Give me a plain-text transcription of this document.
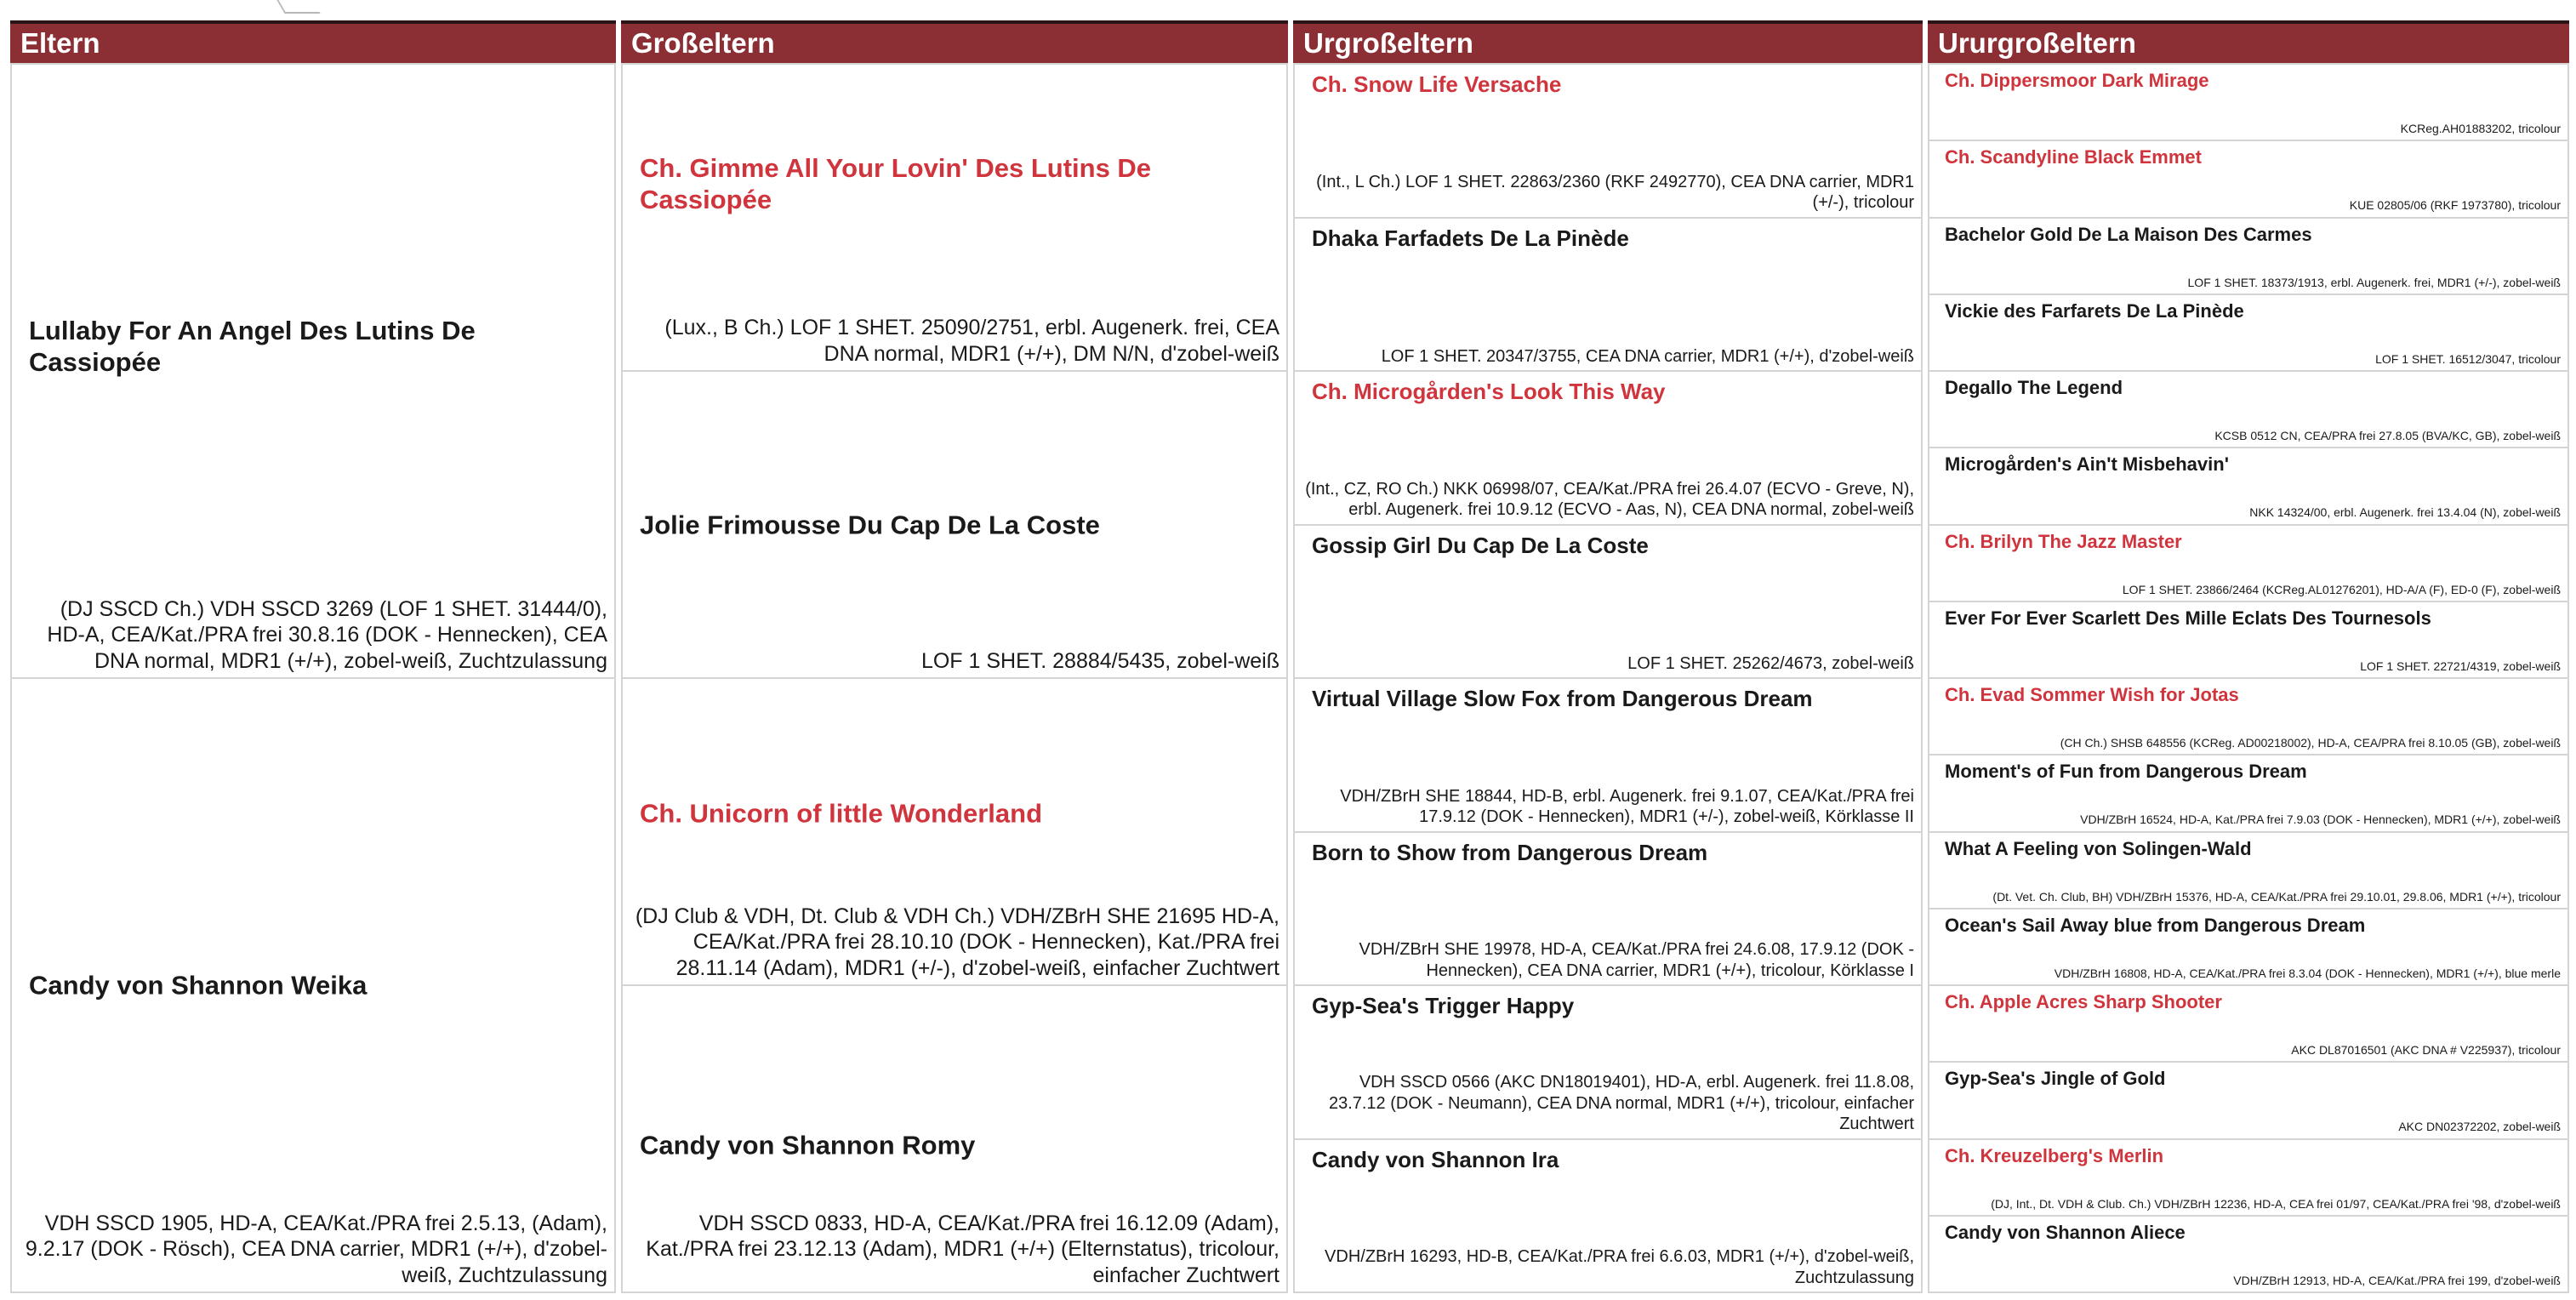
Eltern
Lullaby For An Angel Des Lutins De Cassiopée
(DJ SSCD Ch.) VDH SSCD 3269 (LOF 1 SHET. 31444/0), HD-A, CEA/Kat./PRA frei 30.8.16 (DOK - Hennecken), CEA DNA normal, MDR1 (+/+), zobel-weiß, Zuchtzulassung
Candy von Shannon Weika
VDH SSCD 1905, HD-A, CEA/Kat./PRA frei 2.5.13, (Adam), 9.2.17 (DOK - Rösch), CEA DNA carrier, MDR1 (+/+), d'zobel-weiß, Zuchtzulassung
Großeltern
Ch. Gimme All Your Lovin' Des Lutins De Cassiopée
(Lux., B Ch.) LOF 1 SHET. 25090/2751, erbl. Augenerk. frei, CEA DNA normal, MDR1 (+/+), DM N/N, d'zobel-weiß
Jolie Frimousse Du Cap De La Coste
LOF 1 SHET. 28884/5435, zobel-weiß
Ch. Unicorn of little Wonderland
(DJ Club & VDH, Dt. Club & VDH Ch.) VDH/ZBrH SHE 21695 HD-A, CEA/Kat./PRA frei 28.10.10 (DOK - Hennecken), Kat./PRA frei 28.11.14 (Adam), MDR1 (+/-), d'zobel-weiß, einfacher Zuchtwert
Candy von Shannon Romy
VDH SSCD 0833, HD-A, CEA/Kat./PRA frei 16.12.09 (Adam), Kat./PRA frei 23.12.13 (Adam), MDR1 (+/+) (Elternstatus), tricolour, einfacher Zuchtwert
Urgroßeltern
Ch. Snow Life Versache
(Int., L Ch.) LOF 1 SHET. 22863/2360 (RKF 2492770), CEA DNA carrier, MDR1 (+/-), tricolour
Dhaka Farfadets De La Pinède
LOF 1 SHET. 20347/3755, CEA DNA carrier, MDR1 (+/+), d'zobel-weiß
Ch. Microgården's Look This Way
(Int., CZ, RO Ch.) NKK 06998/07, CEA/Kat./PRA frei 26.4.07 (ECVO - Greve, N), erbl. Augenerk. frei 10.9.12 (ECVO - Aas, N), CEA DNA normal, zobel-weiß
Gossip Girl Du Cap De La Coste
LOF 1 SHET. 25262/4673, zobel-weiß
Virtual Village Slow Fox from Dangerous Dream
VDH/ZBrH SHE 18844, HD-B, erbl. Augenerk. frei 9.1.07, CEA/Kat./PRA frei 17.9.12 (DOK - Hennecken), MDR1 (+/-), zobel-weiß, Körklasse II
Born to Show from Dangerous Dream
VDH/ZBrH SHE 19978, HD-A, CEA/Kat./PRA frei 24.6.08, 17.9.12 (DOK - Hennecken), CEA DNA carrier, MDR1 (+/+), tricolour, Körklasse I
Gyp-Sea's Trigger Happy
VDH SSCD 0566 (AKC DN18019401), HD-A, erbl. Augenerk. frei 11.8.08, 23.7.12 (DOK - Neumann), CEA DNA normal, MDR1 (+/+), tricolour, einfacher Zuchtwert
Candy von Shannon Ira
VDH/ZBrH 16293, HD-B, CEA/Kat./PRA frei 6.6.03, MDR1 (+/+), d'zobel-weiß, Zuchtzulassung
Ururgroßeltern
Ch. Dippersmoor Dark Mirage
KCReg.AH01883202, tricolour
Ch. Scandyline Black Emmet
KUE 02805/06 (RKF 1973780), tricolour
Bachelor Gold De La Maison Des Carmes
LOF 1 SHET. 18373/1913, erbl. Augenerk. frei, MDR1 (+/-), zobel-weiß
Vickie des Farfarets De La Pinède
LOF 1 SHET. 16512/3047, tricolour
Degallo The Legend
KCSB 0512 CN, CEA/PRA frei 27.8.05 (BVA/KC, GB), zobel-weiß
Microgården's Ain't Misbehavin'
NKK 14324/00, erbl. Augenerk. frei 13.4.04 (N), zobel-weiß
Ch. Brilyn The Jazz Master
LOF 1 SHET. 23866/2464 (KCReg.AL01276201), HD-A/A (F), ED-0 (F), zobel-weiß
Ever For Ever Scarlett Des Mille Eclats Des Tournesols
LOF 1 SHET. 22721/4319, zobel-weiß
Ch. Evad Sommer Wish for Jotas
(CH Ch.) SHSB 648556 (KCReg. AD00218002), HD-A, CEA/PRA frei 8.10.05 (GB), zobel-weiß
Moment's of Fun from Dangerous Dream
VDH/ZBrH 16524, HD-A, Kat./PRA frei 7.9.03 (DOK - Hennecken), MDR1 (+/+), zobel-weiß
What A Feeling von Solingen-Wald
(Dt. Vet. Ch. Club, BH) VDH/ZBrH 15376, HD-A, CEA/Kat./PRA frei 29.10.01, 29.8.06, MDR1 (+/+), tricolour
Ocean's Sail Away blue from Dangerous Dream
VDH/ZBrH 16808, HD-A, CEA/Kat./PRA frei 8.3.04 (DOK - Hennecken), MDR1 (+/+), blue merle
Ch. Apple Acres Sharp Shooter
AKC DL87016501 (AKC DNA # V225937), tricolour
Gyp-Sea's Jingle of Gold
AKC DN02372202, zobel-weiß
Ch. Kreuzelberg's Merlin
(DJ, Int., Dt. VDH & Club. Ch.) VDH/ZBrH 12236, HD-A, CEA frei 01/97, CEA/Kat./PRA frei '98, d'zobel-weiß
Candy von Shannon Aliece
VDH/ZBrH 12913, HD-A, CEA/Kat./PRA frei 199, d'zobel-weiß
